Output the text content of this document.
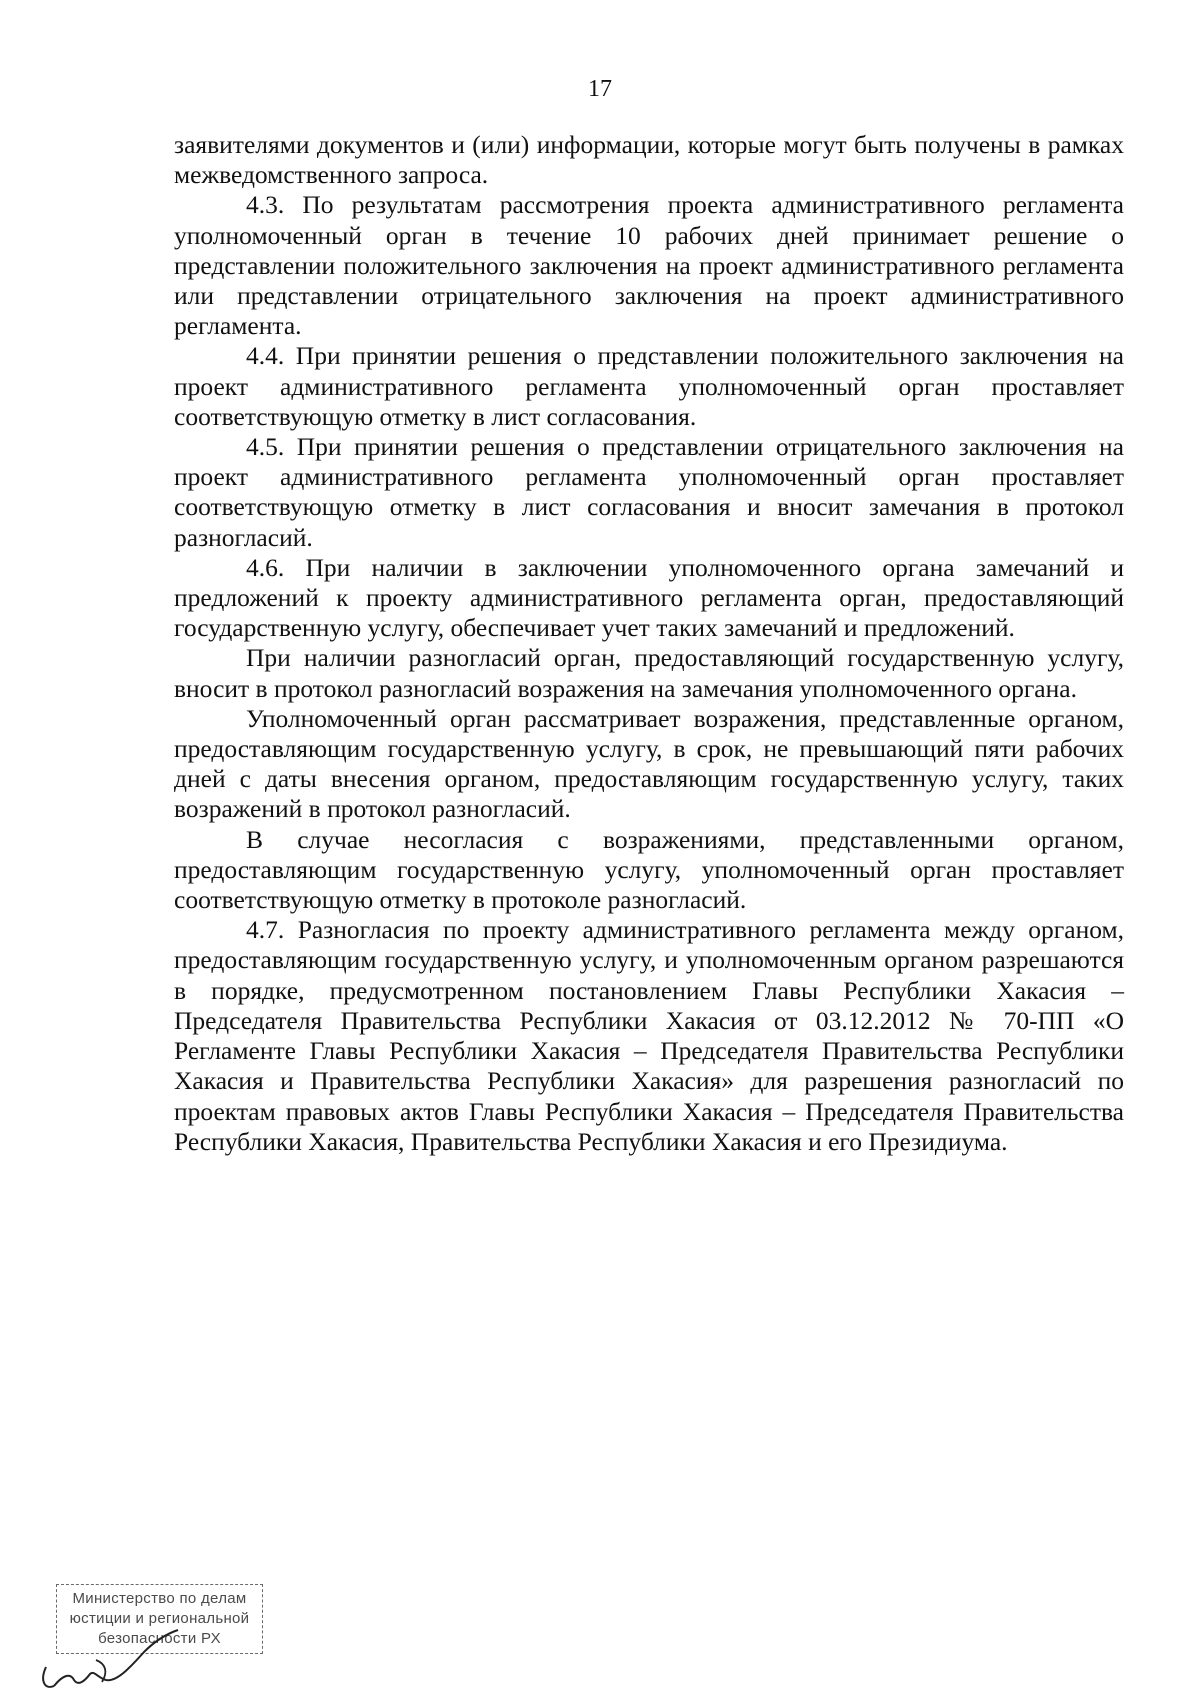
17

заявителями документов и (или) информации, которые могут быть получены в рамках межведомственного запроса.

4.3. По результатам рассмотрения проекта административного регламента уполномоченный орган в течение 10 рабочих дней принимает решение о представлении положительного заключения на проект административного регламента или представлении отрицательного заключения на проект административного регламента.

4.4. При принятии решения о представлении положительного заключения на проект административного регламента уполномоченный орган проставляет соответствующую отметку в лист согласования.

4.5. При принятии решения о представлении отрицательного заключения на проект административного регламента уполномоченный орган проставляет соответствующую отметку в лист согласования и вносит замечания в протокол разногласий.

4.6. При наличии в заключении уполномоченного органа замечаний и предложений к проекту административного регламента орган, предоставляющий государственную услугу, обеспечивает учет таких замечаний и предложений.

При наличии разногласий орган, предоставляющий государственную услугу, вносит в протокол разногласий возражения на замечания уполномоченного органа.

Уполномоченный орган рассматривает возражения, представленные органом, предоставляющим государственную услугу, в срок, не превышающий пяти рабочих дней с даты внесения органом, предоставляющим государственную услугу, таких возражений в протокол разногласий.

В случае несогласия с возражениями, представленными органом, предоставляющим государственную услугу, уполномоченный орган проставляет соответствующую отметку в протоколе разногласий.

4.7. Разногласия по проекту административного регламента между органом, предоставляющим государственную услугу, и уполномоченным органом разрешаются в порядке, предусмотренном постановлением Главы Республики Хакасия – Председателя Правительства Республики Хакасия от 03.12.2012 № 70-ПП «О Регламенте Главы Республики Хакасия – Председателя Правительства Республики Хакасия и Правительства Республики Хакасия» для разрешения разногласий по проектам правовых актов Главы Республики Хакасия – Председателя Правительства Республики Хакасия, Правительства Республики Хакасия и его Президиума.

Министерство по делам
юстиции и региональной
безопасности РХ
